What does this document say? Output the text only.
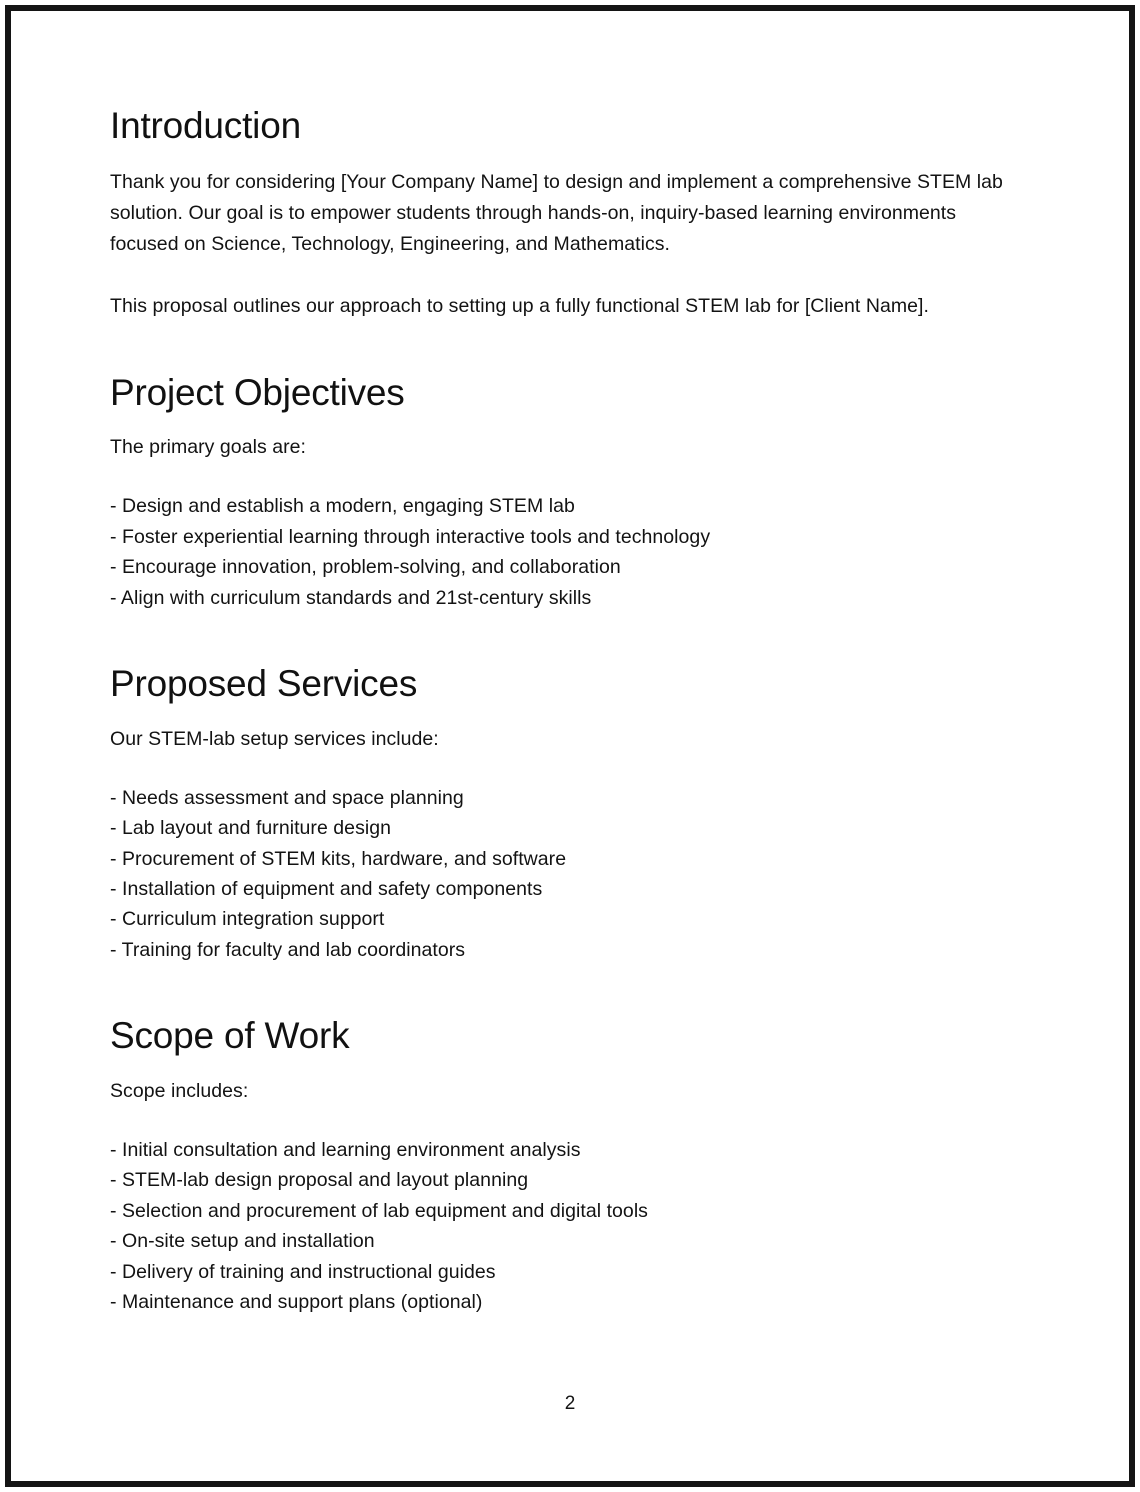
Introduction

Thank you for considering [Your Company Name] to design and implement a comprehensive STEM lab solution. Our goal is to empower students through hands-on, inquiry-based learning environments focused on Science, Technology, Engineering, and Mathematics.

This proposal outlines our approach to setting up a fully functional STEM lab for [Client Name].

Project Objectives

The primary goals are:

- Design and establish a modern, engaging STEM lab
- Foster experiential learning through interactive tools and technology
- Encourage innovation, problem-solving, and collaboration
- Align with curriculum standards and 21st-century skills
Proposed Services

Our STEM-lab setup services include:

- Needs assessment and space planning
- Lab layout and furniture design
- Procurement of STEM kits, hardware, and software
- Installation of equipment and safety components
- Curriculum integration support
- Training for faculty and lab coordinators
Scope of Work

Scope includes:

- Initial consultation and learning environment analysis
- STEM-lab design proposal and layout planning
- Selection and procurement of lab equipment and digital tools
- On-site setup and installation
- Delivery of training and instructional guides
- Maintenance and support plans (optional)
2
